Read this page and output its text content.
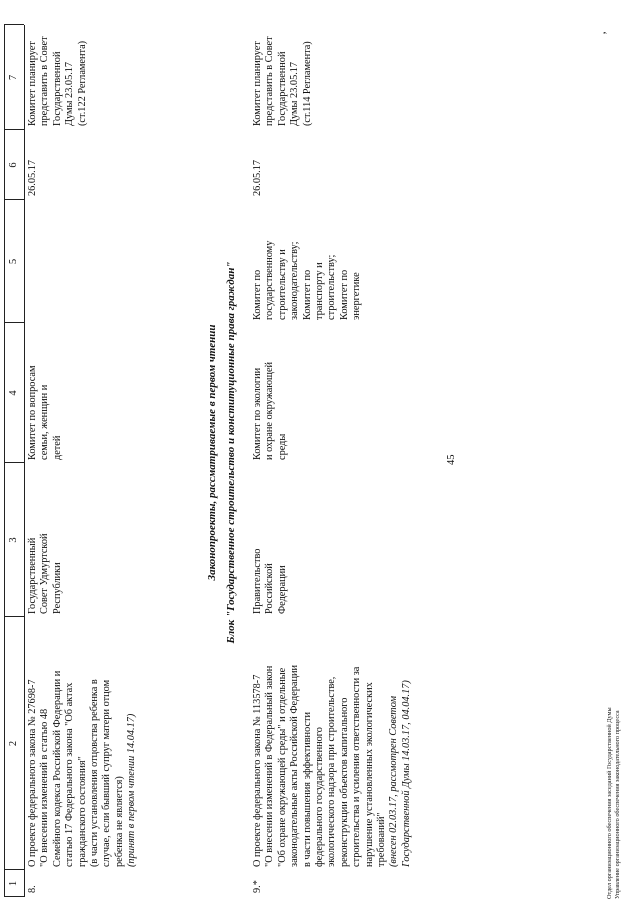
45
’
1
2
3
4
5
6
7
8.
О проекте федерального закона № 27698-7 "О внесении изменений в статью 48 Семейного кодекса Российской Федерации и статью 17 Федерального закона "Об актах гражданского состояния" (в части установления отцовства ребенка в случае, если бывший супруг матери отцом ребенка не является) (принят в первом чтении 14.04.17)
Государственный Совет Удмуртской Республики
Комитет по вопросам семьи, женщин и детей
26.05.17
Комитет планирует представить в Совет Государственной Думы 23.05.17 (ст.122 Регламента)
Законопроекты, рассматриваемые в первом чтении Блок "Государственное строительство и конституционные права граждан"
9.*
О проекте федерального закона № 113578-7 "О внесении изменений в Федеральный закон "Об охране окружающей среды" и отдельные законодательные акты Российской Федерации в части повышения эффективности федерального государственного экологического надзора при строительстве, реконструкции объектов капитального строительства и усиления ответственности за нарушение установленных экологических требований" (внесен 02.03.17, рассмотрен Советом Государственной Думы 14.03.17, 04.04.17)
Правительство Российской Федерации
Комитет по экологии и охране окружающей среды
Комитет по государственному строительству и законодательству; Комитет по транспорту и строительству; Комитет по энергетике
26.05.17
Комитет планирует представить в Совет Государственной Думы 23.05.17 (ст.114 Регламента)
Отдел организационного обеспечения заседаний Государственной Думы Управление организационного обеспечения законодательного процесса
